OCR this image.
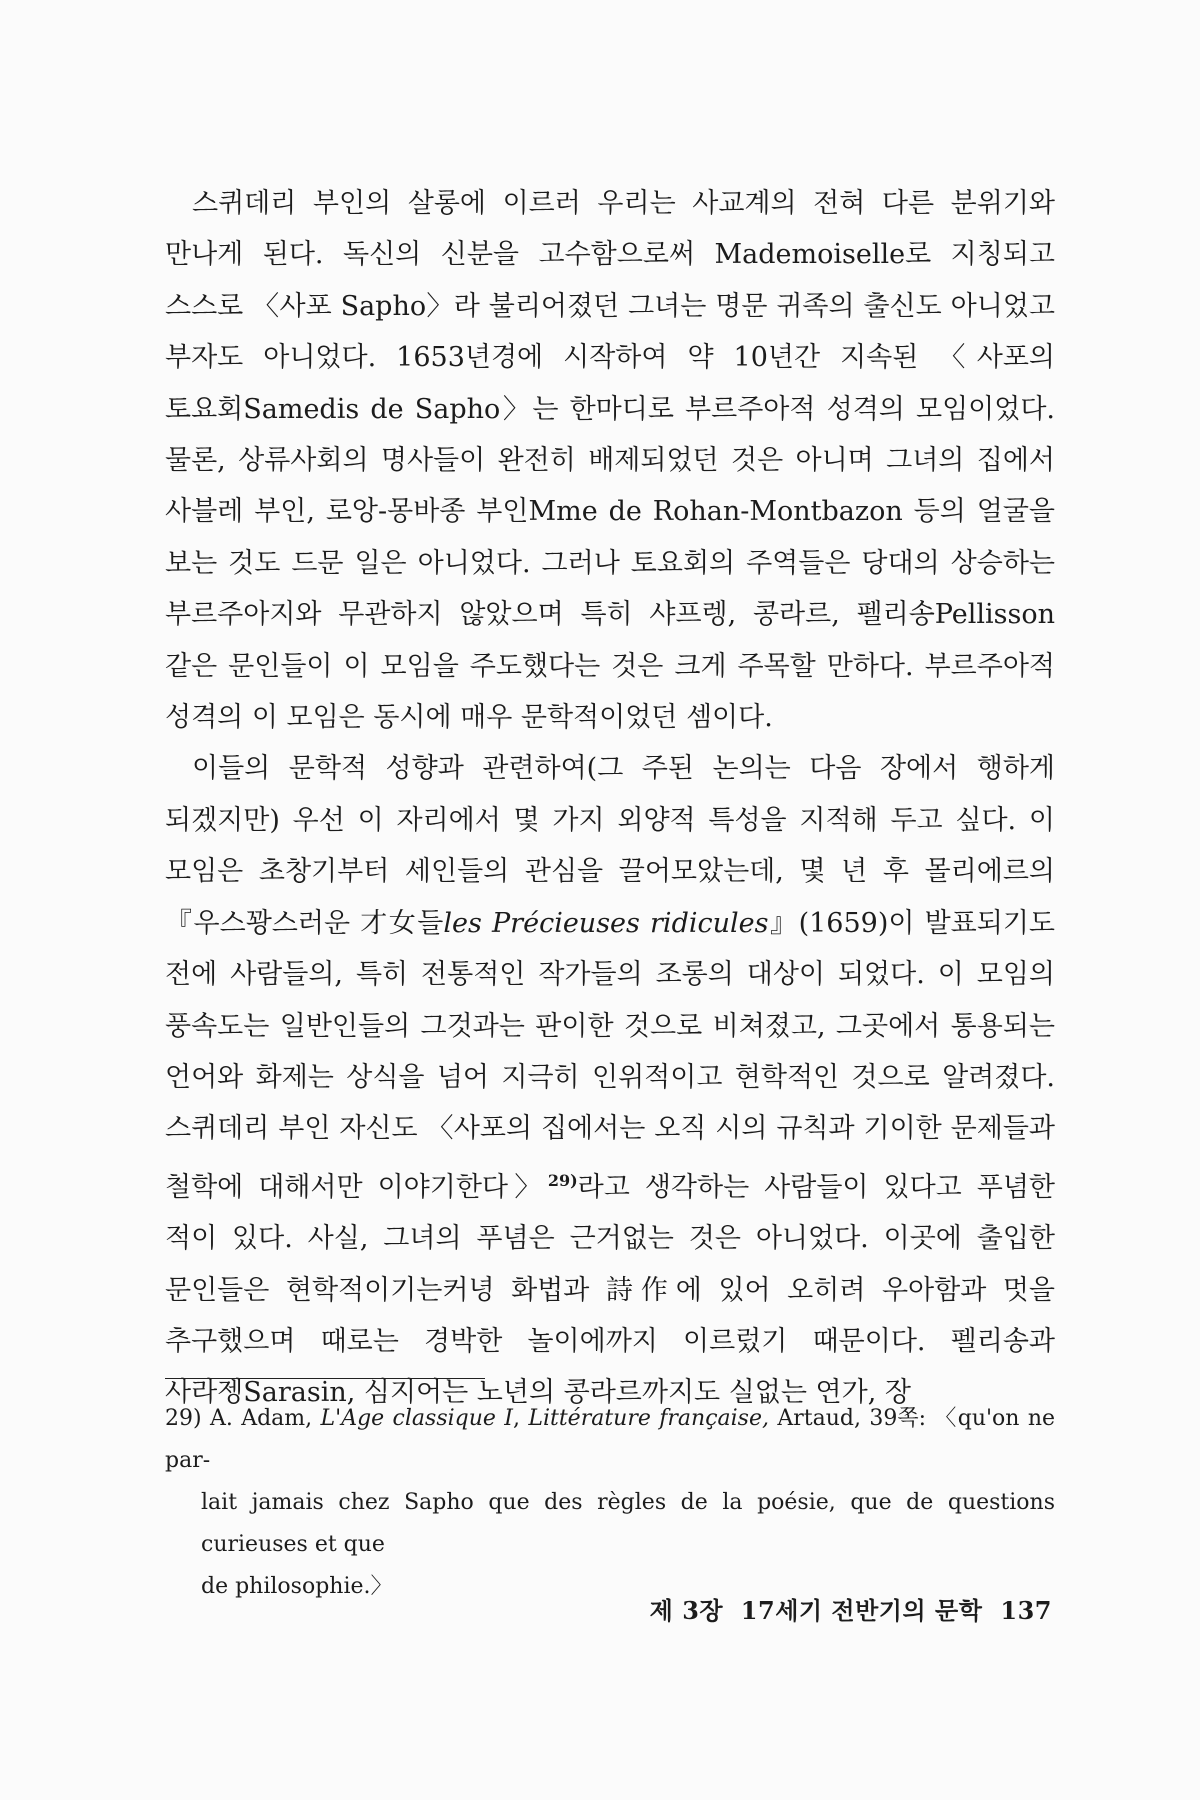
스퀴데리 부인의 살롱에 이르러 우리는 사교계의 전혀 다른 분위기와 만나게 된다. 독신의 신분을 고수함으로써 Mademoiselle로 지칭되고 스스로 〈사포 Sapho〉라 불리어졌던 그녀는 명문 귀족의 출신도 아니었고 부자도 아니었다. 1653년경에 시작하여 약 10년간 지속된 〈사포의 토요회Samedis de Sapho〉는 한마디로 부르주아적 성격의 모임이었다. 물론, 상류사회의 명사들이 완전히 배제되었던 것은 아니며 그녀의 집에서 사블레 부인, 로앙-몽바종 부인Mme de Rohan-Montbazon 등의 얼굴을 보는 것도 드문 일은 아니었다. 그러나 토요회의 주역들은 당대의 상승하는 부르주아지와 무관하지 않았으며 특히 샤프렝, 콩라르, 펠리송Pellisson 같은 문인들이 이 모임을 주도했다는 것은 크게 주목할 만하다. 부르주아적 성격의 이 모임은 동시에 매우 문학적이었던 셈이다.

이들의 문학적 성향과 관련하여(그 주된 논의는 다음 장에서 행하게 되겠지만) 우선 이 자리에서 몇 가지 외양적 특성을 지적해 두고 싶다. 이 모임은 초창기부터 세인들의 관심을 끌어모았는데, 몇 년 후 몰리에르의 『우스꽝스러운 才女들les Précieuses ridicules』(1659)이 발표되기도 전에 사람들의, 특히 전통적인 작가들의 조롱의 대상이 되었다. 이 모임의 풍속도는 일반인들의 그것과는 판이한 것으로 비쳐졌고, 그곳에서 통용되는 언어와 화제는 상식을 넘어 지극히 인위적이고 현학적인 것으로 알려졌다. 스퀴데리 부인 자신도 〈사포의 집에서는 오직 시의 규칙과 기이한 문제들과 철학에 대해서만 이야기한다〉$^{29)}$라고 생각하는 사람들이 있다고 푸념한 적이 있다. 사실, 그녀의 푸념은 근거없는 것은 아니었다. 이곳에 출입한 문인들은 현학적이기는커녕 화법과 詩作에 있어 오히려 우아함과 멋을 추구했으며 때로는 경박한 놀이에까지 이르렀기 때문이다. 펠리송과 사라젱Sarasin, 심지어는 노년의 콩라르까지도 실없는 연가, 장

29) A. Adam, L'Age classique I, Littérature française, Artaud, 39쪽: 〈qu'on ne par-
lait jamais chez Sapho que des règles de la poésie, que de questions curieuses et que
de philosophie.〉
제 3장  17세기 전반기의 문학 137
